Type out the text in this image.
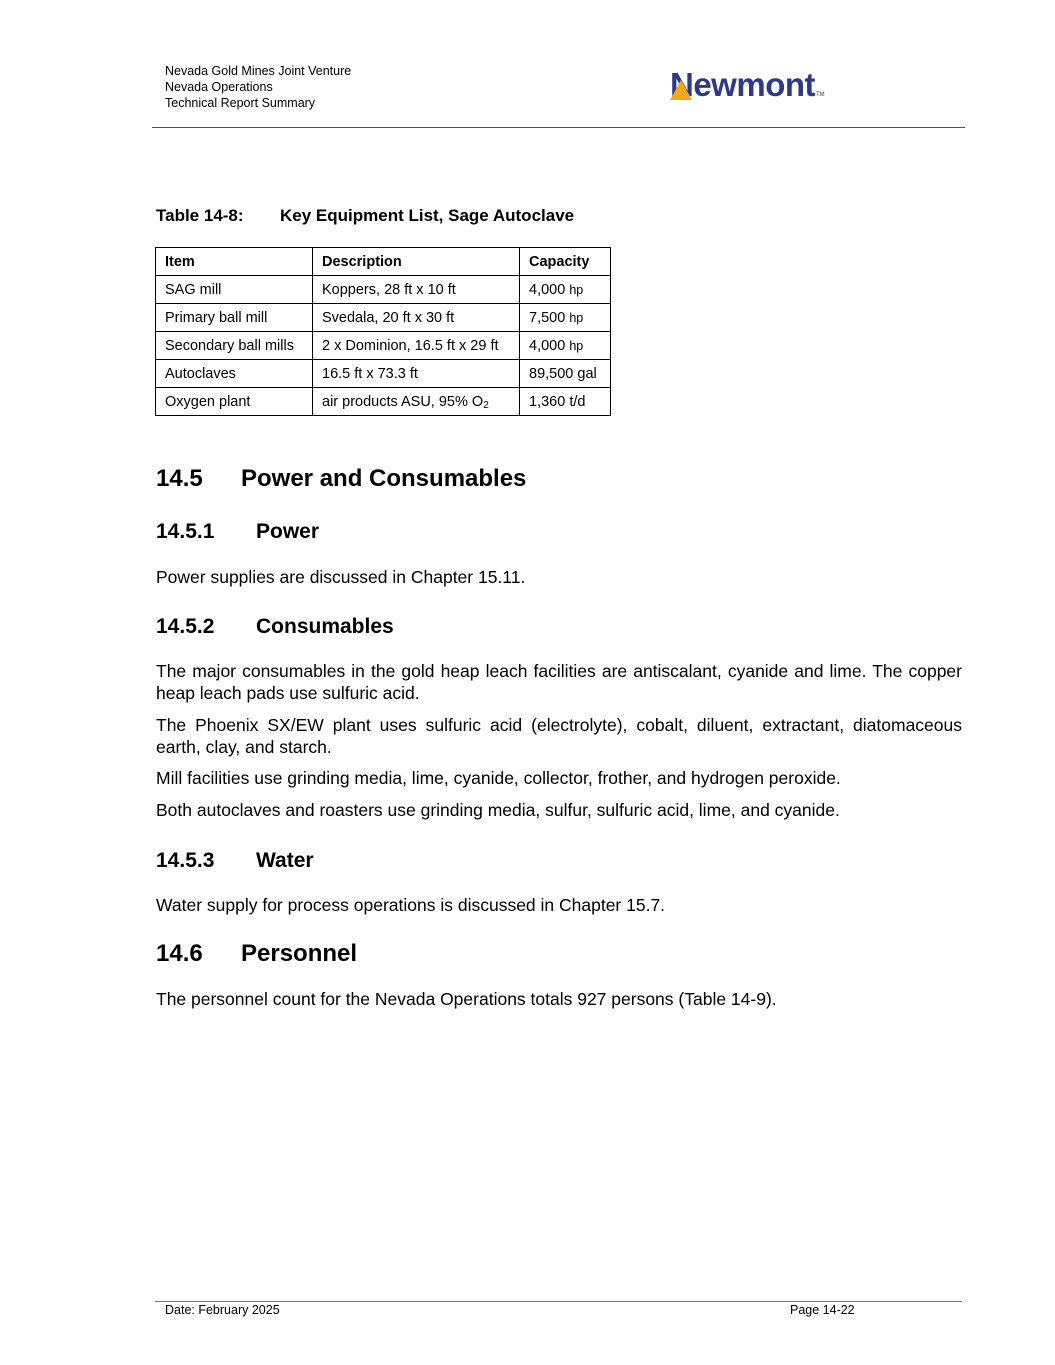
Nevada Gold Mines Joint Venture
Nevada Operations
Technical Report Summary	Newmont TM
Table 14-8: Key Equipment List, Sage Autoclave
Item	Description	Capacity
SAG mill	Koppers, 28 ft x 10 ft	4,000 hp
Primary ball mill	Svedala, 20 ft x 30 ft	7,500 hp
Secondary ball mills	2 x Dominion, 16.5 ft x 29 ft	4,000 hp
Autoclaves	16.5 ft x 73.3 ft	89,500 gal
Oxygen plant	air products ASU, 95% $O_2$	1,360 t/d
14.5 Power and Consumables
14.5.1 Power
Power supplies are discussed in Chapter 15.11.
14.5.2 Consumables
The major consumables in the gold heap leach facilities are antiscalant, cyanide and lime. The copper heap leach pads use sulfuric acid.
The Phoenix SX/EW plant uses sulfuric acid (electrolyte), cobalt, diluent, extractant, diatomaceous earth, clay, and starch.
Mill facilities use grinding media, lime, cyanide, collector, frother, and hydrogen peroxide.
Both autoclaves and roasters use grinding media, sulfur, sulfuric acid, lime, and cyanide.
14.5.3 Water
Water supply for process operations is discussed in Chapter 15.7.
14.6 Personnel
The personnel count for the Nevada Operations totals 927 persons (Table 14-9).
Date: February 2025	Page 14-22
